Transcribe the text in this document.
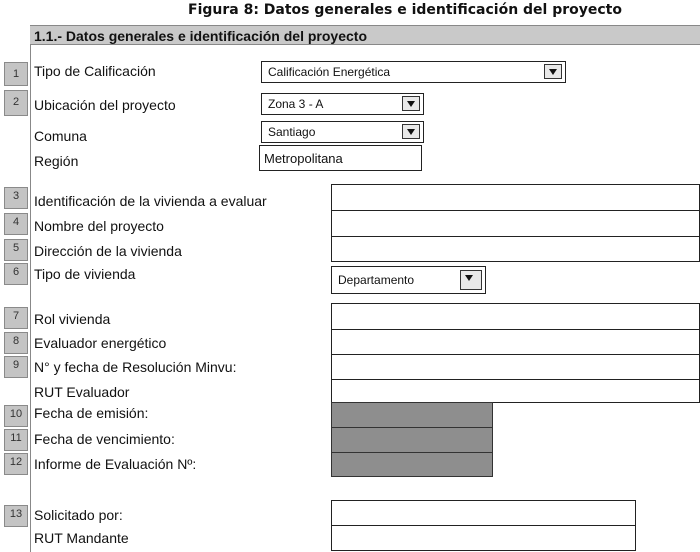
Figura 8: Datos generales e identificación del proyecto
1.1.- Datos generales e identificación del proyecto
1	Tipo de Calificación	Calificación Energética
2	Ubicación del proyecto	Zona 3 - A
Comuna	Santiago
Región	Metropolitana
3	Identificación de la vivienda a evaluar
4	Nombre del proyecto
5	Dirección de la vivienda
6	Tipo de vivienda	Departamento
7	Rol vivienda
8	Evaluador energético
9	N° y fecha de Resolución Minvu:
RUT Evaluador
10 Fecha de emisión:
11 Fecha de vencimiento:
12 Informe de Evaluación Nº:
13 Solicitado por:
RUT Mandante
